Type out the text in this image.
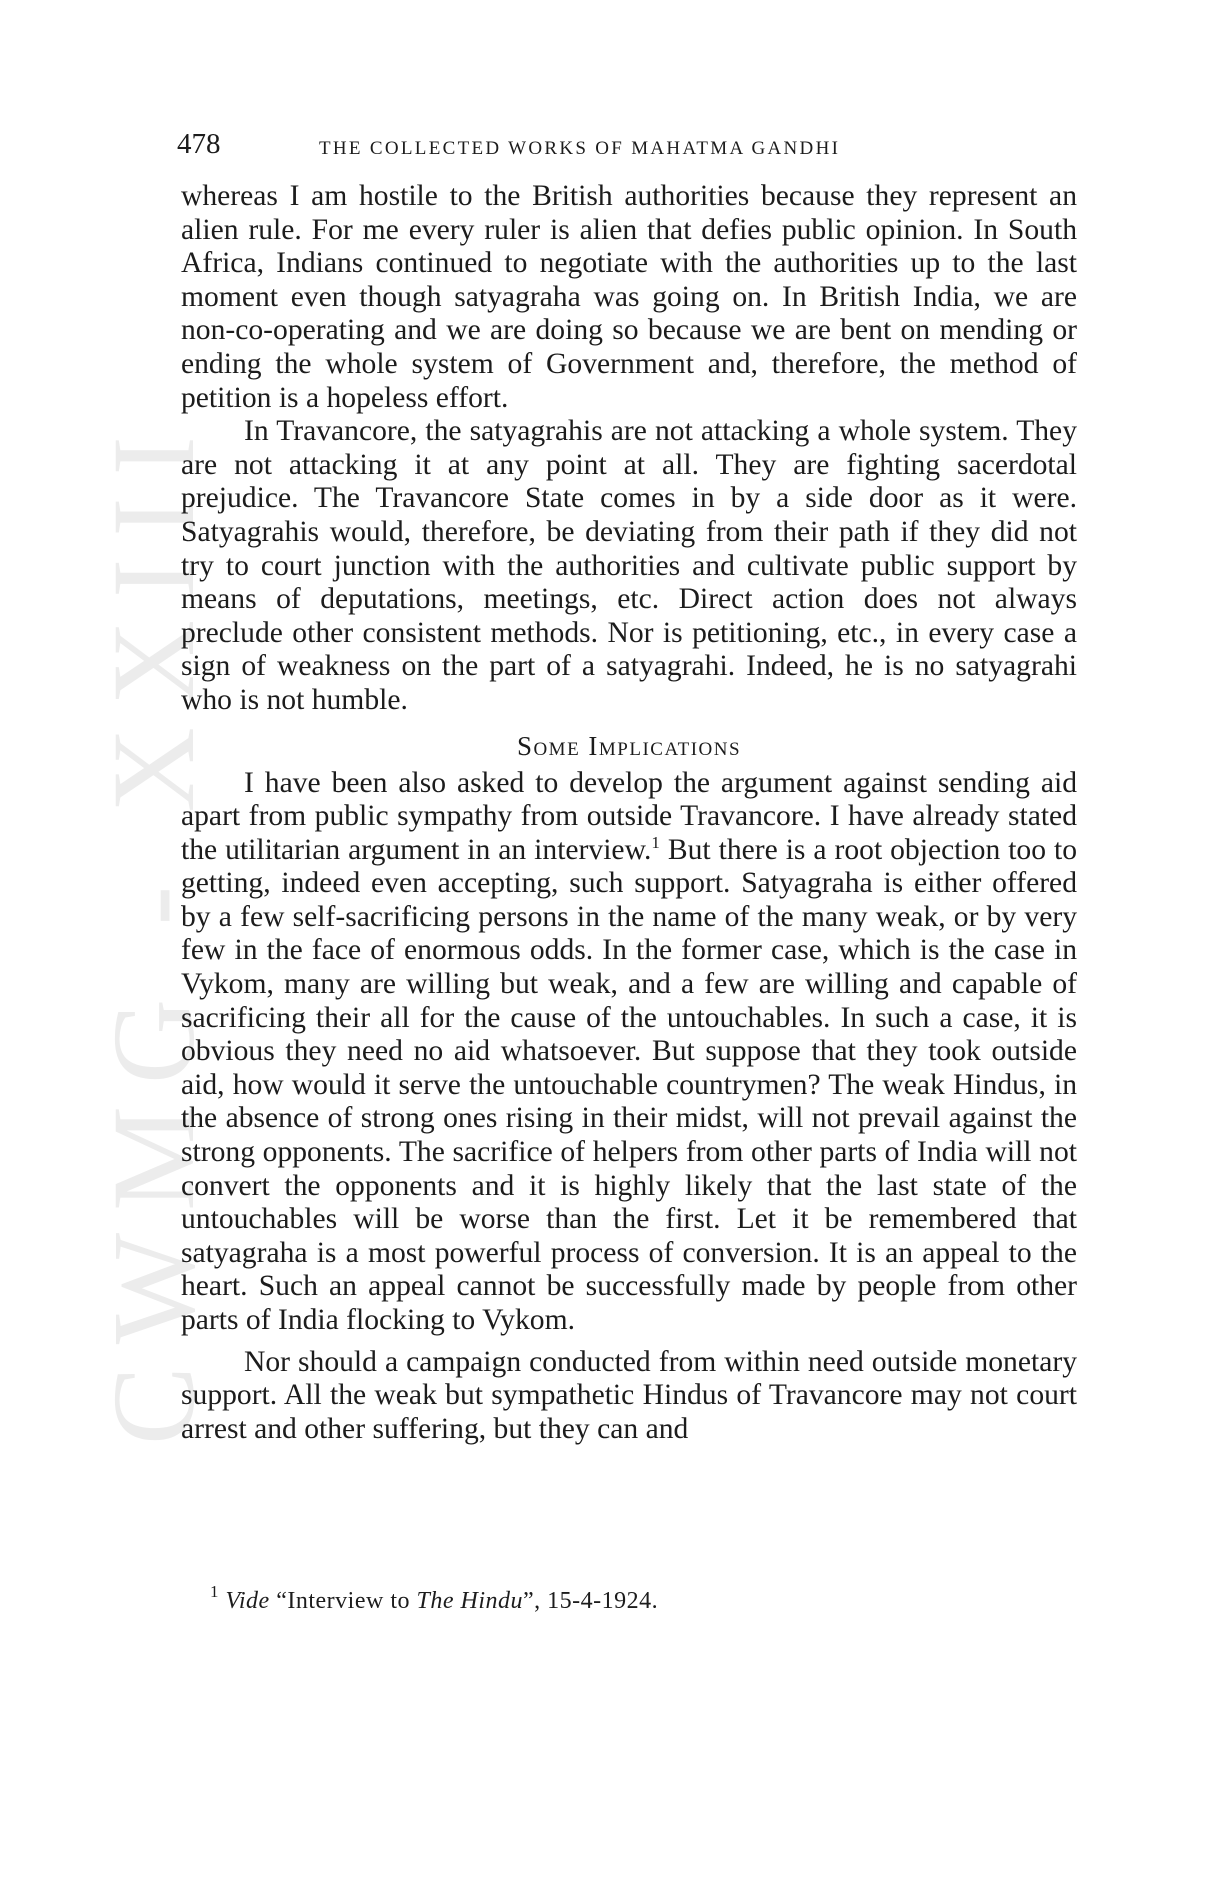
CWMG - XXIII
478	THE COLLECTED WORKS OF MAHATMA GANDHI

whereas I am hostile to the British authorities because they represent an alien rule. For me every ruler is alien that defies public opinion. In South Africa, Indians continued to negotiate with the authorities up to the last moment even though satyagraha was going on. In British India, we are non-co-operating and we are doing so because we are bent on mending or ending the whole system of Government and, therefore, the method of petition is a hopeless effort.

In Travancore, the satyagrahis are not attacking a whole system. They are not attacking it at any point at all. They are fighting sacerdotal prejudice. The Travancore State comes in by a side door as it were. Satyagrahis would, therefore, be deviating from their path if they did not try to court junction with the authorities and cultivate public support by means of deputations, meetings, etc. Direct action does not always preclude other consistent methods. Nor is petitioning, etc., in every case a sign of weakness on the part of a satyagrahi. Indeed, he is no satyagrahi who is not humble.

Some Implications

I have been also asked to develop the argument against sending aid apart from public sympathy from outside Travancore. I have already stated the utilitarian argument in an interview.$^1$ But there is a root objection too to getting, indeed even accepting, such support. Satyagraha is either offered by a few self-sacrificing persons in the name of the many weak, or by very few in the face of enormous odds. In the former case, which is the case in Vykom, many are willing but weak, and a few are willing and capable of sacrificing their all for the cause of the untouchables. In such a case, it is obvious they need no aid whatsoever. But suppose that they took outside aid, how would it serve the untouchable countrymen? The weak Hindus, in the absence of strong ones rising in their midst, will not prevail against the strong opponents. The sacrifice of helpers from other parts of India will not convert the opponents and it is highly likely that the last state of the untouchables will be worse than the first. Let it be remembered that satyagraha is a most powerful process of conversion. It is an appeal to the heart. Such an appeal cannot be successfully made by people from other parts of India flocking to Vykom.

Nor should a campaign conducted from within need outside monetary support. All the weak but sympathetic Hindus of Travancore may not court arrest and other suffering, but they can and

$^1$ Vide “Interview to The Hindu”, 15-4-1924.
